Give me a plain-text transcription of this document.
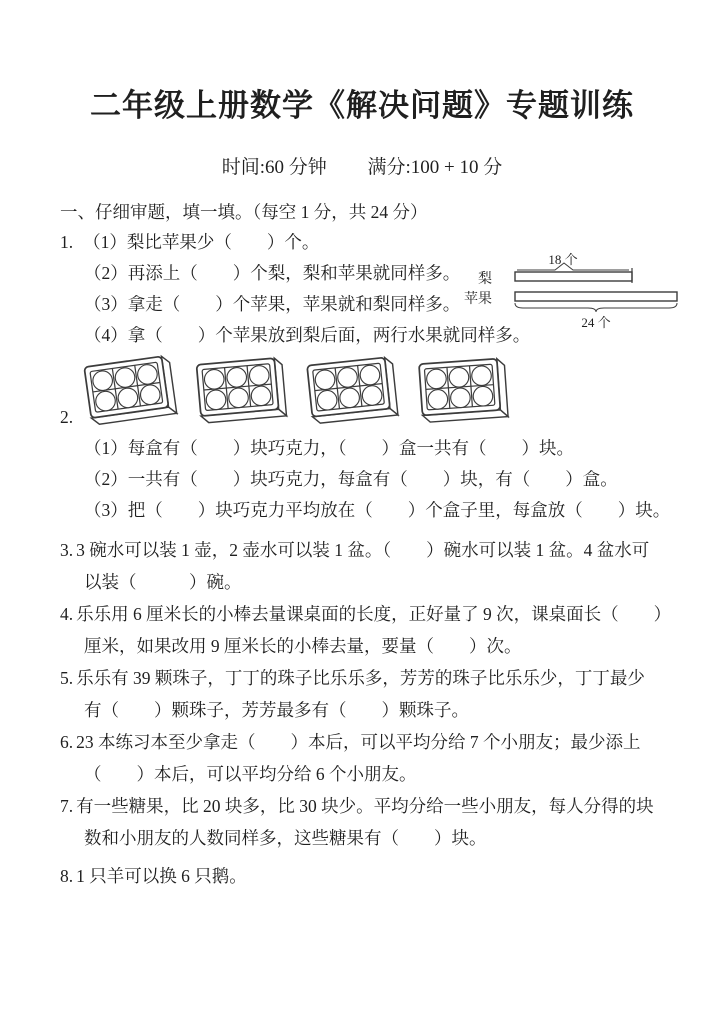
二年级上册数学《解决问题》专题训练
时间:60 分钟 满分:100 + 10 分
一、仔细审题，填一填。（每空 1 分，共 24 分）
1. （1）梨比苹果少（　　）个。
（2）再添上（　　）个梨，梨和苹果就同样多。
（3）拿走（　　）个苹果，苹果就和梨同样多。
（4）拿（　　）个苹果放到梨后面，两行水果就同样多。
梨
18 个
苹果
24 个
2.
（1）每盒有（　　）块巧克力，（　　）盒一共有（　　）块。
（2）一共有（　　）块巧克力，每盒有（　　）块，有（　　）盒。
（3）把（　　）块巧克力平均放在（　　）个盒子里，每盒放（　　）块。
3. 3 碗水可以装 1 壶，2 壶水可以装 1 盆。（　　）碗水可以装 1 盆。4 盆水可
以装（　　　）碗。
4. 乐乐用 6 厘米长的小棒去量课桌面的长度，正好量了 9 次，课桌面长（　　）
厘米，如果改用 9 厘米长的小棒去量，要量（　　）次。
5. 乐乐有 39 颗珠子，丁丁的珠子比乐乐多，芳芳的珠子比乐乐少，丁丁最少
有（　　）颗珠子，芳芳最多有（　　）颗珠子。
6. 23 本练习本至少拿走（　　）本后，可以平均分给 7 个小朋友；最少添上
（　　）本后，可以平均分给 6 个小朋友。
7. 有一些糖果，比 20 块多，比 30 块少。平均分给一些小朋友，每人分得的块
数和小朋友的人数同样多，这些糖果有（　　）块。
8. 1 只羊可以换 6 只鹅。
